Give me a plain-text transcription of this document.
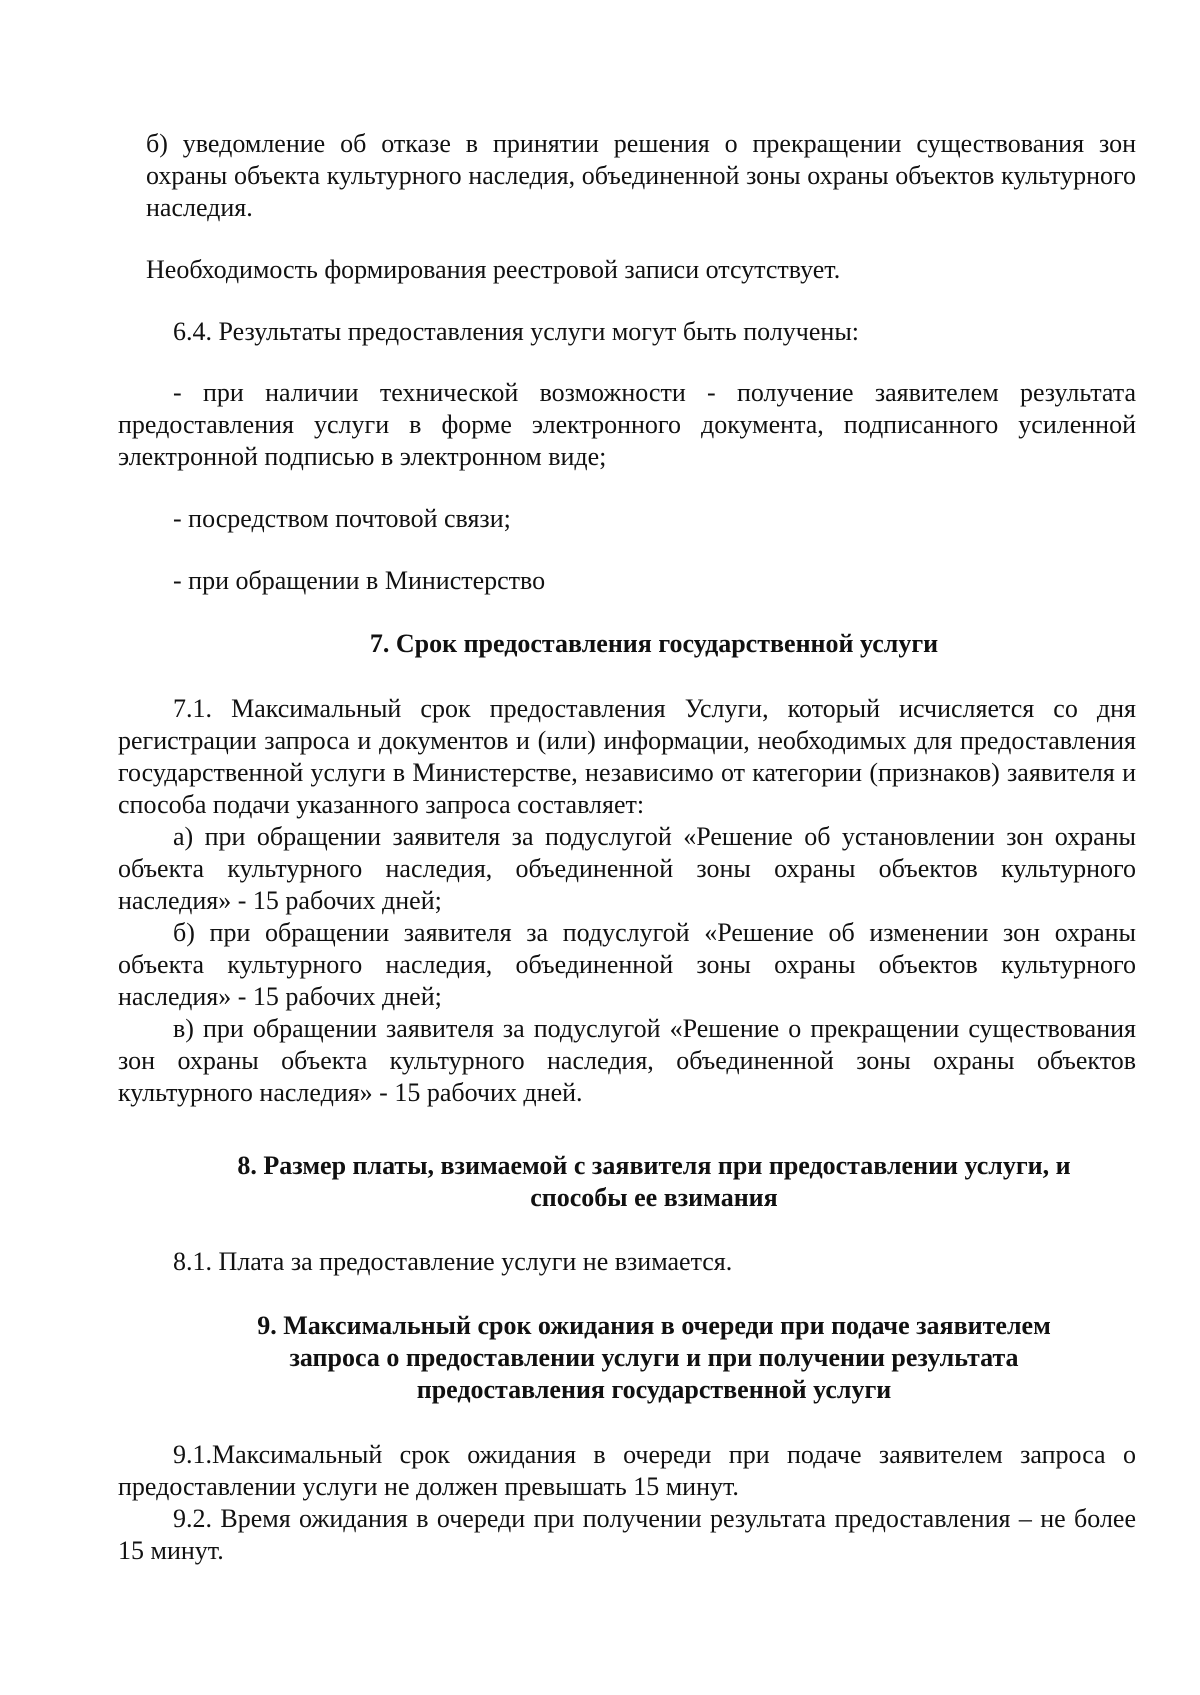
б) уведомление об отказе в принятии решения о прекращении существования зон охраны объекта культурного наследия, объединенной зоны охраны объектов культурного наследия.

Необходимость формирования реестровой записи отсутствует.

6.4. Результаты предоставления услуги могут быть получены:

- при наличии технической возможности - получение заявителем результата предоставления услуги в форме электронного документа, подписанного усиленной электронной подписью в электронном виде;

- посредством почтовой связи;

- при обращении в Министерство

7. Срок предоставления государственной услуги

7.1. Максимальный срок предоставления Услуги, который исчисляется со дня регистрации запроса и документов и (или) информации, необходимых для предоставления государственной услуги в Министерстве, независимо от категории (признаков) заявителя и способа подачи указанного запроса составляет:

а) при обращении заявителя за подуслугой «Решение об установлении зон охраны объекта культурного наследия, объединенной зоны охраны объектов культурного наследия» - 15 рабочих дней;

б) при обращении заявителя за подуслугой «Решение об изменении зон охраны объекта культурного наследия, объединенной зоны охраны объектов культурного наследия» - 15 рабочих дней;

в) при обращении заявителя за подуслугой «Решение о прекращении существования зон охраны объекта культурного наследия, объединенной зоны охраны объектов культурного наследия» - 15 рабочих дней.

8. Размер платы, взимаемой с заявителя при предоставлении услуги, и
способы ее взимания

8.1. Плата за предоставление услуги не взимается.

9. Максимальный срок ожидания в очереди при подаче заявителем
запроса о предоставлении услуги и при получении результата
предоставления государственной услуги

9.1.Максимальный срок ожидания в очереди при подаче заявителем запроса о предоставлении услуги не должен превышать 15 минут.

9.2. Время ожидания в очереди при получении результата предоставления – не более 15 минут.
